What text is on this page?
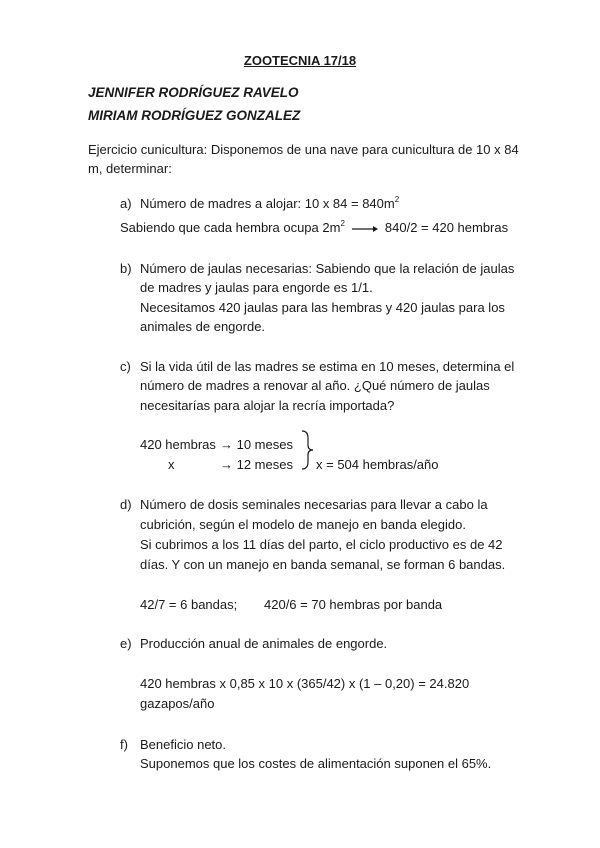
ZOOTECNIA 17/18
JENNIFER RODRÍGUEZ RAVELO
MIRIAM RODRÍGUEZ GONZALEZ
Ejercicio cunicultura: Disponemos de una nave para cunicultura de 10 x 84
m, determinar:
a) Número de madres a alojar: 10 x $84 = 840m^2$
Sabiendo que cada hembra ocupa $2m^2$	840/2 = 420 hembras
b) Número de jaulas necesarias: Sabiendo que la relación de jaulas
de madres y jaulas para engorde es 1/1.
Necesitamos 420 jaulas para las hembras y 420 jaulas para los
animales de engorde.
c) Si la vida útil de las madres se estima en 10 meses, determina el
número de madres a renovar al año. ¿Qué número de jaulas
necesitarías para alojar la recría importada?
420 hembras → 10 meses
x	→ 12 meses x = 504 hembras/año
d) Número de dosis seminales necesarias para llevar a cabo la
cubrición, según el modelo de manejo en banda elegido.
Si cubrimos a los 11 días del parto, el ciclo productivo es de 42
días. Y con un manejo en banda semanal, se forman 6 bandas.
42/7 = 6 bandas; 420/6 = 70 hembras por banda
e) Producción anual de animales de engorde.
420 hembras x 0,85 x 10 x (365/42) x (1 – 0,20) = 24.820
gazapos/año
f) Beneficio neto.
Suponemos que los costes de alimentación suponen el 65%.
